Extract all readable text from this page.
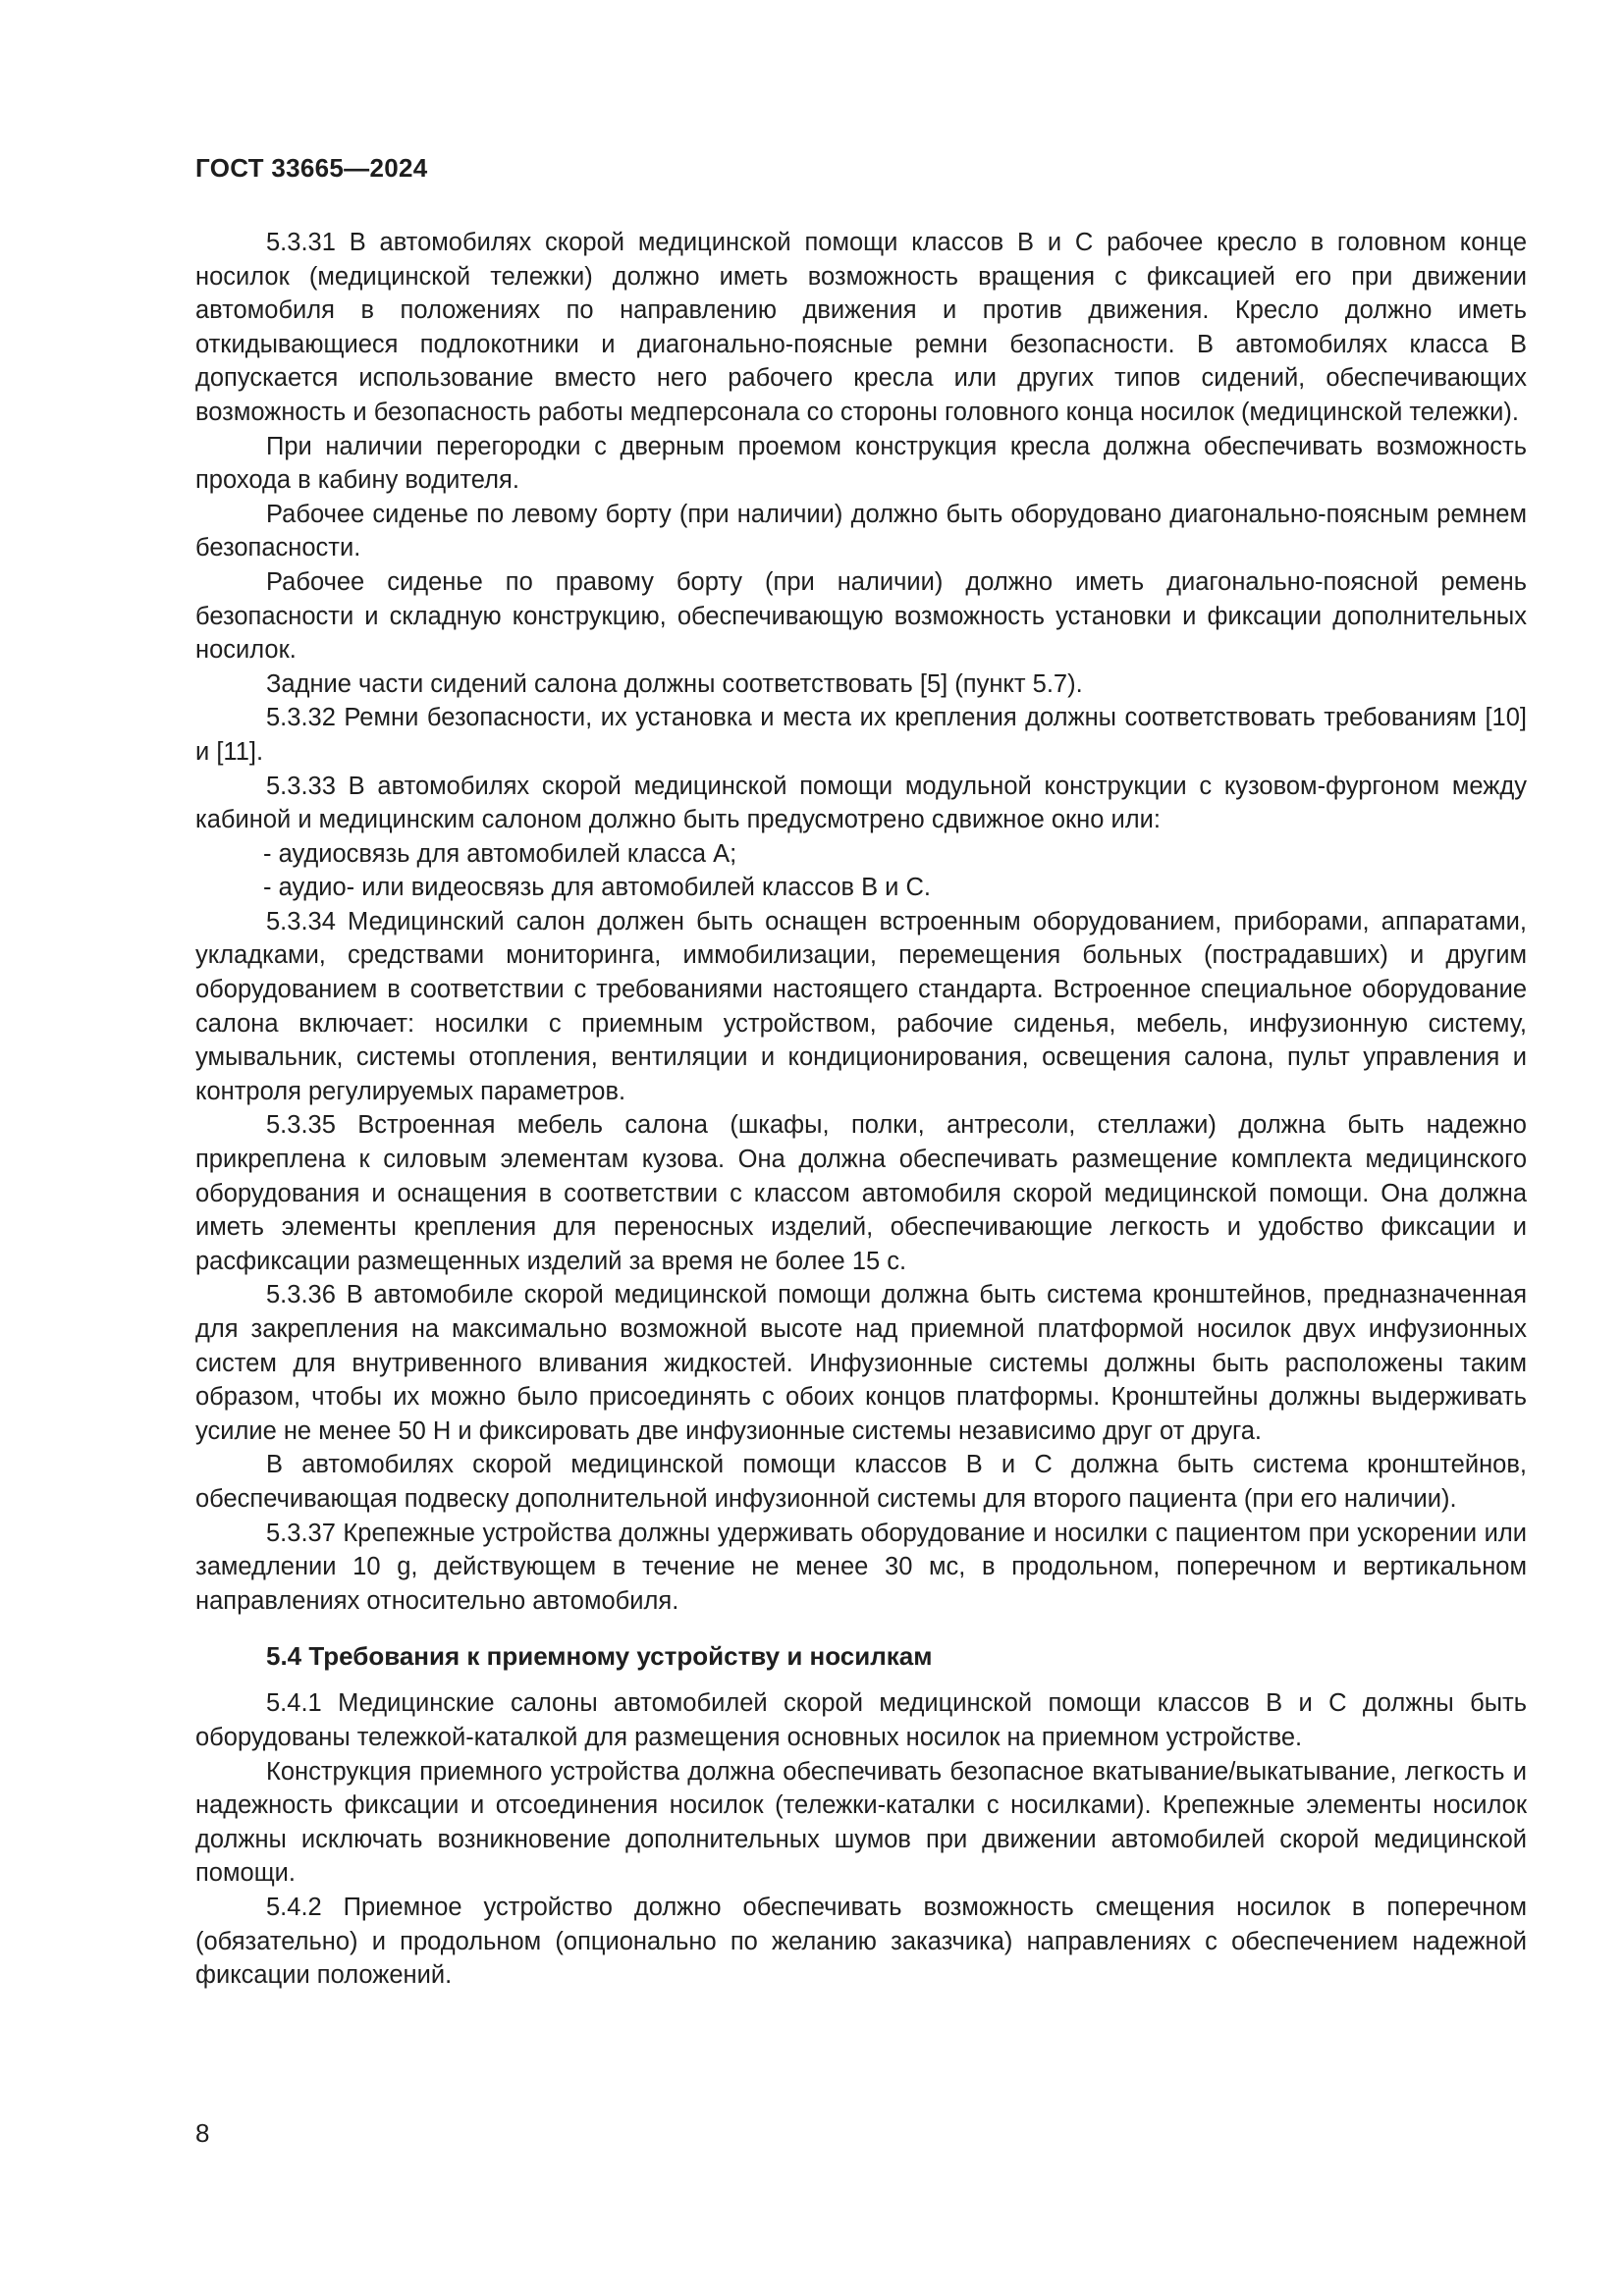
ГОСТ 33665—2024

5.3.31 В автомобилях скорой медицинской помощи классов В и С рабочее кресло в головном конце носилок (медицинской тележки) должно иметь возможность вращения с фиксацией его при движении автомобиля в положениях по направлению движения и против движения. Кресло должно иметь откидывающиеся подлокотники и диагонально-поясные ремни безопасности. В автомобилях класса В допускается использование вместо него рабочего кресла или других типов сидений, обеспечивающих возможность и безопасность работы медперсонала со стороны головного конца носилок (медицинской тележки).

При наличии перегородки с дверным проемом конструкция кресла должна обеспечивать возможность прохода в кабину водителя.

Рабочее сиденье по левому борту (при наличии) должно быть оборудовано диагонально-поясным ремнем безопасности.

Рабочее сиденье по правому борту (при наличии) должно иметь диагонально-поясной ремень безопасности и складную конструкцию, обеспечивающую возможность установки и фиксации дополнительных носилок.

Задние части сидений салона должны соответствовать [5] (пункт 5.7).

5.3.32 Ремни безопасности, их установка и места их крепления должны соответствовать требованиям [10] и [11].

5.3.33 В автомобилях скорой медицинской помощи модульной конструкции с кузовом-фургоном между кабиной и медицинским салоном должно быть предусмотрено сдвижное окно или:

- аудиосвязь для автомобилей класса А;

- аудио- или видеосвязь для автомобилей классов В и С.

5.3.34 Медицинский салон должен быть оснащен встроенным оборудованием, приборами, аппаратами, укладками, средствами мониторинга, иммобилизации, перемещения больных (пострадавших) и другим оборудованием в соответствии с требованиями настоящего стандарта. Встроенное специальное оборудование салона включает: носилки с приемным устройством, рабочие сиденья, мебель, инфузионную систему, умывальник, системы отопления, вентиляции и кондиционирования, освещения салона, пульт управления и контроля регулируемых параметров.

5.3.35 Встроенная мебель салона (шкафы, полки, антресоли, стеллажи) должна быть надежно прикреплена к силовым элементам кузова. Она должна обеспечивать размещение комплекта медицинского оборудования и оснащения в соответствии с классом автомобиля скорой медицинской помощи. Она должна иметь элементы крепления для переносных изделий, обеспечивающие легкость и удобство фиксации и расфиксации размещенных изделий за время не более 15 с.

5.3.36 В автомобиле скорой медицинской помощи должна быть система кронштейнов, предназначенная для закрепления на максимально возможной высоте над приемной платформой носилок двух инфузионных систем для внутривенного вливания жидкостей. Инфузионные системы должны быть расположены таким образом, чтобы их можно было присоединять с обоих концов платформы. Кронштейны должны выдерживать усилие не менее 50 Н и фиксировать две инфузионные системы независимо друг от друга.

В автомобилях скорой медицинской помощи классов В и С должна быть система кронштейнов, обеспечивающая подвеску дополнительной инфузионной системы для второго пациента (при его наличии).

5.3.37 Крепежные устройства должны удерживать оборудование и носилки с пациентом при ускорении или замедлении 10 g, действующем в течение не менее 30 мс, в продольном, поперечном и вертикальном направлениях относительно автомобиля.

5.4 Требования к приемному устройству и носилкам

5.4.1 Медицинские салоны автомобилей скорой медицинской помощи классов В и С должны быть оборудованы тележкой-каталкой для размещения основных носилок на приемном устройстве.

Конструкция приемного устройства должна обеспечивать безопасное вкатывание/выкатывание, легкость и надежность фиксации и отсоединения носилок (тележки-каталки с носилками). Крепежные элементы носилок должны исключать возникновение дополнительных шумов при движении автомобилей скорой медицинской помощи.

5.4.2 Приемное устройство должно обеспечивать возможность смещения носилок в поперечном (обязательно) и продольном (опционально по желанию заказчика) направлениях с обеспечением надежной фиксации положений.

8
